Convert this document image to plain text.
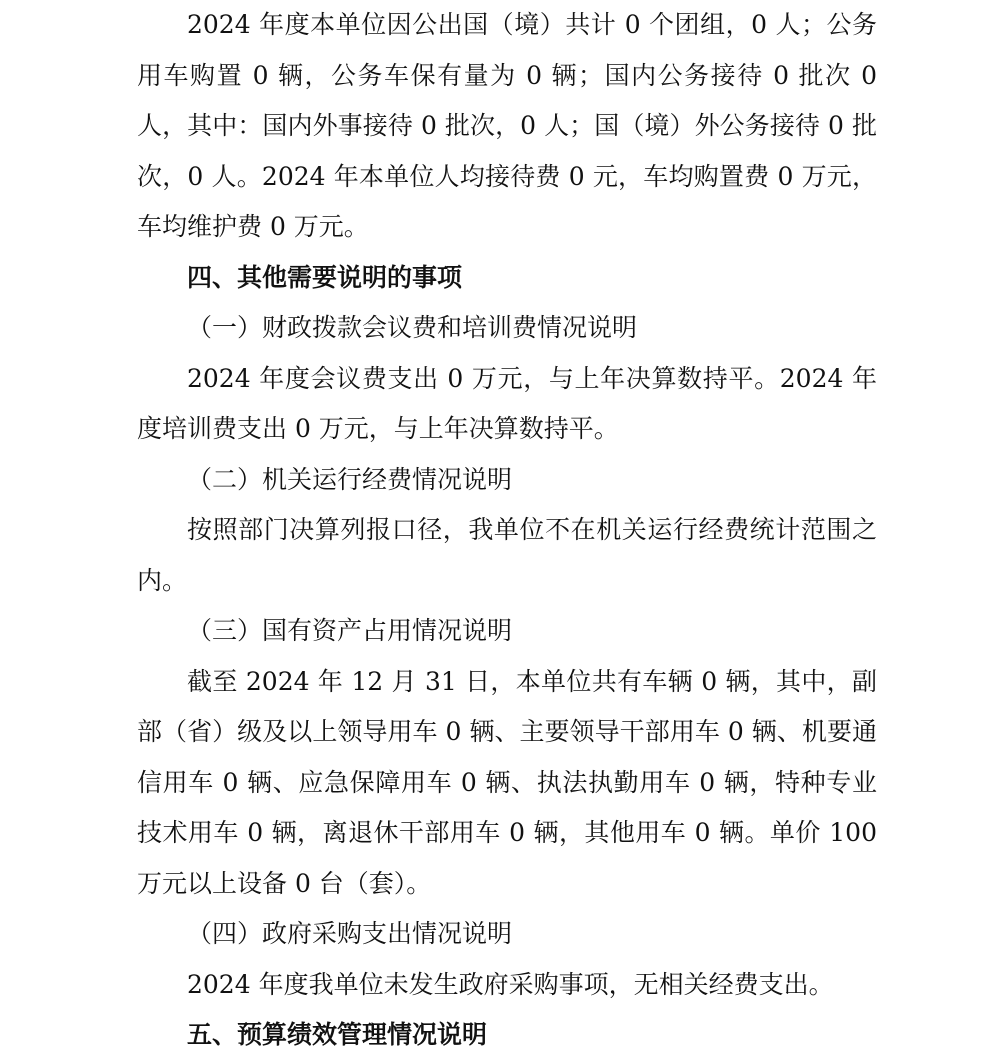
2024 年度本单位因公出国（境）共计 0 个团组，0 人；公务用车购置 0 辆，公务车保有量为 0 辆；国内公务接待 0 批次 0 人，其中：国内外事接待 0 批次，0 人；国（境）外公务接待 0 批次，0 人。2024 年本单位人均接待费 0 元，车均购置费 0 万元，车均维护费 0 万元。

四、其他需要说明的事项

（一）财政拨款会议费和培训费情况说明

2024 年度会议费支出 0 万元，与上年决算数持平。2024 年度培训费支出 0 万元，与上年决算数持平。

（二）机关运行经费情况说明

按照部门决算列报口径，我单位不在机关运行经费统计范围之内。

（三）国有资产占用情况说明

截至 2024 年 12 月 31 日，本单位共有车辆 0 辆，其中，副部（省）级及以上领导用车 0 辆、主要领导干部用车 0 辆、机要通信用车 0 辆、应急保障用车 0 辆、执法执勤用车 0 辆，特种专业技术用车 0 辆，离退休干部用车 0 辆，其他用车 0 辆。单价 100 万元以上设备 0 台（套）。

（四）政府采购支出情况说明

2024 年度我单位未发生政府采购事项，无相关经费支出。

五、预算绩效管理情况说明
